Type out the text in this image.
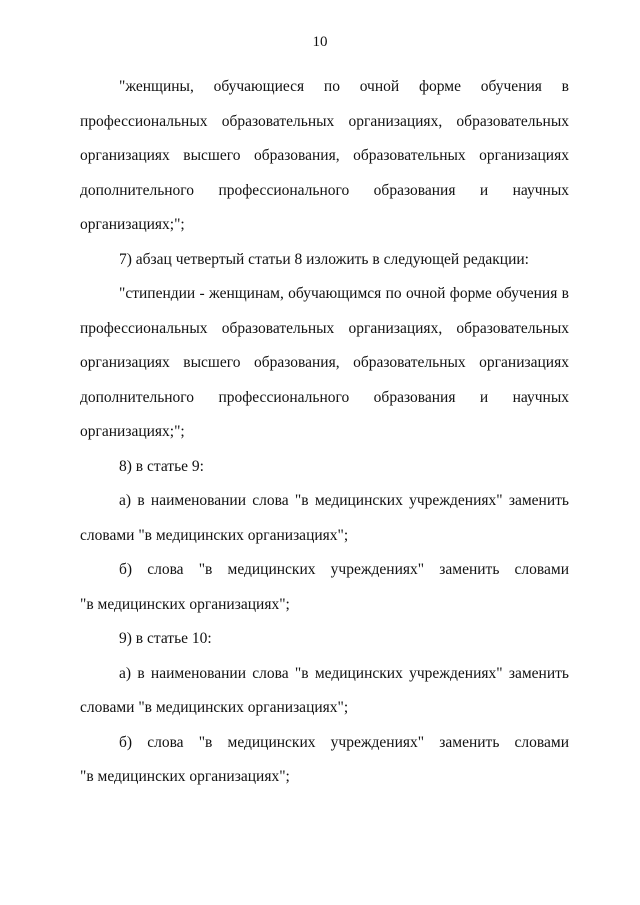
10
"женщины, обучающиеся по очной форме обучения в
профессиональных образовательных организациях, образовательных
организациях высшего образования, образовательных организациях
дополнительного профессионального образования и научных
организациях;";
7) абзац четвертый статьи 8 изложить в следующей редакции:
"стипендии - женщинам, обучающимся по очной форме обучения в
профессиональных образовательных организациях, образовательных
организациях высшего образования, образовательных организациях
дополнительного профессионального образования и научных
организациях;";
8) в статье 9:
а) в наименовании слова "в медицинских учреждениях" заменить
словами "в медицинских организациях";
б) слова "в медицинских учреждениях" заменить словами
"в медицинских организациях";
9) в статье 10:
а) в наименовании слова "в медицинских учреждениях" заменить
словами "в медицинских организациях";
б) слова "в медицинских учреждениях" заменить словами
"в медицинских организациях";
